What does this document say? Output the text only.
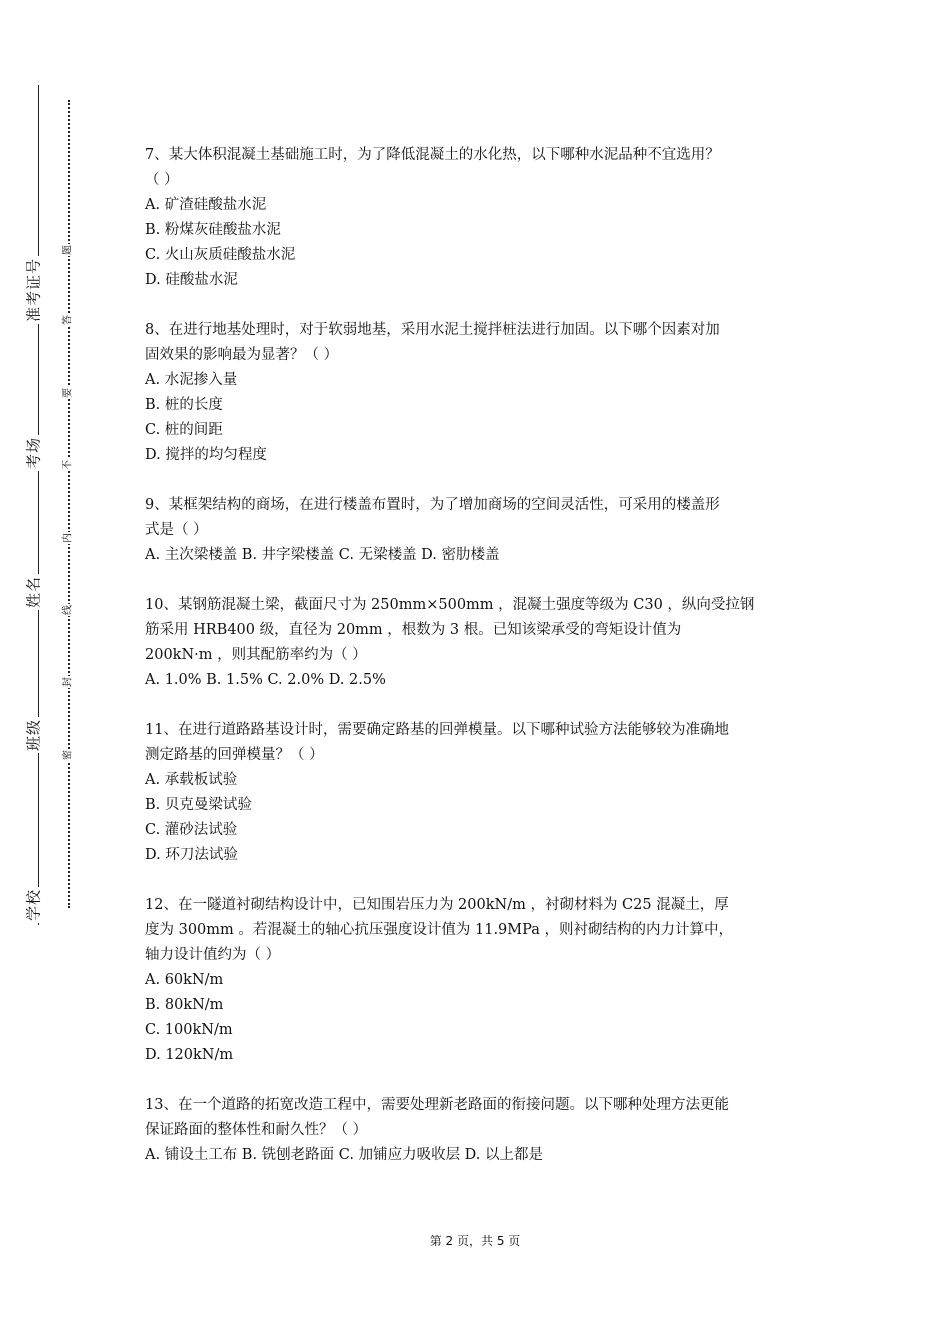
准考证号
考场
姓名
班级
学校
题
答
要
不
内
线
封
密
7、某大体积混凝土基础施工时，为了降低混凝土的水化热，以下哪种水泥品种不宜选用？
（ ）
A. 矿渣硅酸盐水泥
B. 粉煤灰硅酸盐水泥
C. 火山灰质硅酸盐水泥
D. 硅酸盐水泥
8、在进行地基处理时，对于软弱地基，采用水泥土搅拌桩法进行加固。以下哪个因素对加
固效果的影响最为显著？（ ）
A. 水泥掺入量
B. 桩的长度
C. 桩的间距
D. 搅拌的均匀程度
9、某框架结构的商场，在进行楼盖布置时，为了增加商场的空间灵活性，可采用的楼盖形
式是（ ）
A. 主次梁楼盖 B. 井字梁楼盖 C. 无梁楼盖 D. 密肋楼盖
10、某钢筋混凝土梁，截面尺寸为 250mm×500mm ，混凝土强度等级为 C30 ，纵向受拉钢
筋采用 HRB400 级，直径为 20mm ，根数为 3 根。已知该梁承受的弯矩设计值为
200kN·m ，则其配筋率约为（ ）
A. 1.0% B. 1.5% C. 2.0% D. 2.5%
11、在进行道路路基设计时，需要确定路基的回弹模量。以下哪种试验方法能够较为准确地
测定路基的回弹模量？（ ）
A. 承载板试验
B. 贝克曼梁试验
C. 灌砂法试验
D. 环刀法试验
12、在一隧道衬砌结构设计中，已知围岩压力为 200kN/m ，衬砌材料为 C25 混凝土，厚
度为 300mm 。若混凝土的轴心抗压强度设计值为 11.9MPa ，则衬砌结构的内力计算中，
轴力设计值约为（ ）
A. 60kN/m
B. 80kN/m
C. 100kN/m
D. 120kN/m
13、在一个道路的拓宽改造工程中，需要处理新老路面的衔接问题。以下哪种处理方法更能
保证路面的整体性和耐久性？（ ）
A. 铺设土工布 B. 铣刨老路面 C. 加铺应力吸收层 D. 以上都是
第 2 页，共 5 页
